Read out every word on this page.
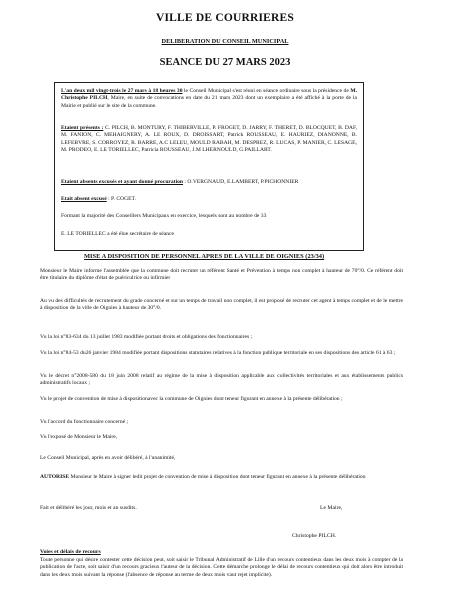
VILLE DE COURRIERES
DELIBERATION DU CONSEIL MUNICIPAL
SEANCE DU 27 MARS 2023
L'an deux mil vingt-trois le 27 mars à 18 heures 30 le Conseil Municipal s'est réuni en séance ordinaire sous la présidence de M. Christophe PILCH, Maire, en suite de convocations en date du 21 mars 2023 dont un exemplaire a été affiché à la porte de la Mairie et publié sur le site de la commune.
Etaient présents : C. PILCH, B. MONTURY, F. THIBERVILLE, P. FROGET, D. JARRY, F. THERET, D. BLOCQUET, B. DAF, M. FANION, C. MEHAIGNERY, A. LE ROUX, D. DROISSART, Patrick ROUSSEAU, E. HAURIEZ, DIANONNE, B. LEFEBVRE, S. CORROYEZ, R. BARRE, A.C LELEU, MOULD RABAH, M. DESPREZ, R. LUCAS, P. MANIER, C. LESAGE, M. PRODEO, E. LE TORIELLEC, Patricia ROUSSEAU, J.M LHERNOULD, G.PAILLART.
Etaient absents excusés et ayant donné procuration : O.VERGNAUD, E.LAMBERT, P.PICHONNIER
Etait absent excusé : P. COGET.
Formant la majorité des Conseillers Municipaux en exercice, lesquels sont au nombre de 33
E. LE TORIELLEC a été élue secrétaire de séance
MISE A DISPOSITION DE PERSONNEL APRES DE LA VILLE DE OIGNIES (23/34)
Monsieur le Maire informe l'assemblée que la commune doit recruter un référent Santé et Prévention à temps non complet à hauteur de 70°/0. Ce référent doit être titulaire du diplôme d'état de puériculrice ou infirmier
Au vu des difficultés de recrutement du grade concerné et sur un temps de travail non complet, il est proposé de recruter cet agent à temps complet et de le mettre à disposition de la ville de Oignies à hauteur de 30°/0.
Vu la loi n°83-634 du 13 juillet 1983 modifiée portant droits et obligations des fonctionnaires ;
Vu la loi n°84-53 du26 janvier 1984 modifiée portant dispositions statutaires relatives à la fonction publique territoriale en ses dispositions des article 61 à 63 ;
Vu le décret n°2008-580 du 18 juin 2008 relatif au régime de la mise à disposition applicable aux collectivités territoriales et aux établissements publics administratifs locaux ;
Vu le projet de convention de mise à dispositionavec la commune de Oignies dont teneur figurant en annexe à la présente délibération ;
Vu l'accord du fonctionnaire concerné ;
Vu l'exposé de Monsieur le Maire,
Le Conseil Municipal, après en avoir délibéré, à l'unanimité,
AUTORISE Monsieur le Maire à signer ledit projet de convention de mise à disposition dont teneur figurant en annexe à la présente délibération
Fait et délibéré les jour, mois et an susdits.	Le Maire,
Christophe PILCH.
Voies et délais de recours
Toute personne qui désire contester cette décision peut, soit saisir le Tribunal Administratif de Lille d'un recours contentieux dans les deux mois à compter de la publication de l'acte, soit saisir d'un recours gracieux l'auteur de la décision. Cette démarche prolonge le délai de recours contentieux qui doit alors être introduit dans les deux mois suivant la réponse (l'absence de réponse au terme de deux mois vaut rejet implicite).
